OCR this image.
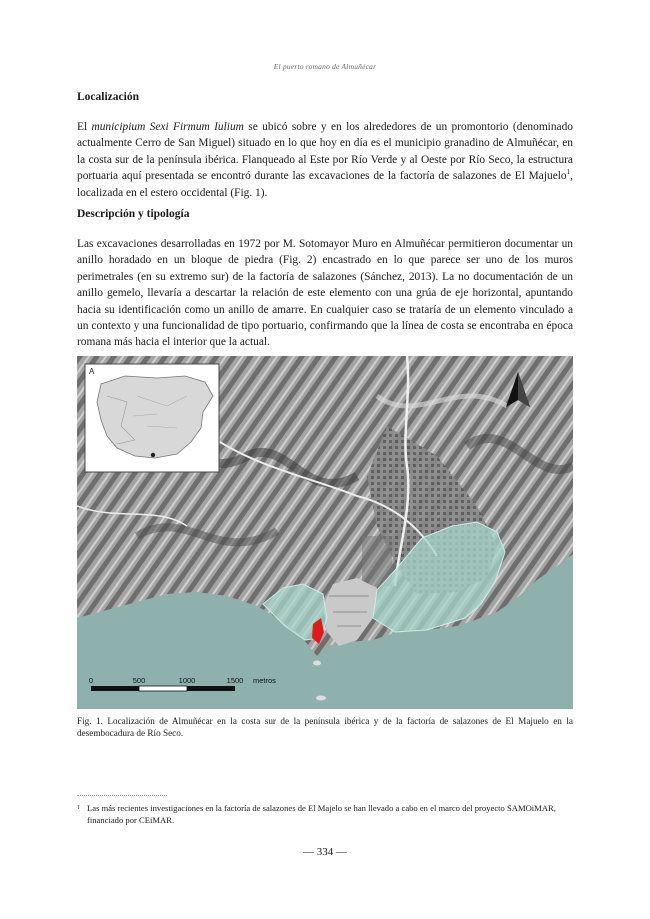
El puerto romano de Almuñécar
Localización

El municipium Sexi Firmum Iulium se ubicó sobre y en los alrededores de un promontorio (denominado actualmente Cerro de San Miguel) situado en lo que hoy en día es el municipio granadino de Almuñécar, en la costa sur de la península ibérica. Flanqueado al Este por Río Verde y al Oeste por Río Seco, la estructura portuaria aquí presentada se encontró durante las excavaciones de la factoría de salazones de El Majuelo$^1$, localizada en el estero occidental (Fig. 1).

Descripción y tipología

Las excavaciones desarrolladas en 1972 por M. Sotomayor Muro en Almuñécar permitieron documentar un anillo horadado en un bloque de piedra (Fig. 2) encastrado en lo que parece ser uno de los muros perimetrales (en su extremo sur) de la factoría de salazones (Sánchez, 2013). La no documentación de un anillo gemelo, llevaría a descartar la relación de este elemento con una grúa de eje horizontal, apuntando hacia su identificación como un anillo de amarre. En cualquier caso se trataría de un elemento vinculado a un contexto y una funcionalidad de tipo portuario, confirmando que la línea de costa se encontraba en época romana más hacia el interior que la actual.

A
0	500	1000	1500 metros

Fig. 1. Localización de Almuñécar en la costa sur de la península ibérica y de la factoría de salazones de El Majuelo en la desembocadura de Río Seco.

1 Las más recientes investigaciones en la factoría de salazones de El Majelo se han llevado a cabo en el marco del proyecto SAMOiMAR, financiado por CEiMAR.

— 334 —
